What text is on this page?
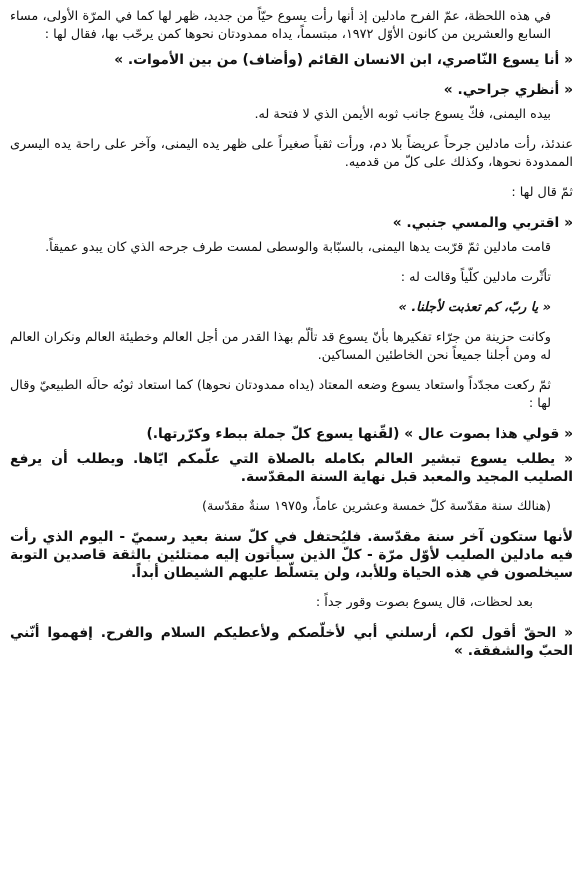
في هذه اللحظة، عمّ الفرح مادلين إذ أنها رأت يسوع حيّاً من جديد، ظهر لها كما في المرّة الأولى، مساء السابع والعشرين من كانون الأوّل ١٩٧٢، مبتسماً، يداه ممدودتان نحوها كمن يرحّب بها، فقال لها :

« أنا يسوع النّاصري، ابن الانسان القائم (وأضاف) من بين الأموات. »

« أنظري جراحي. »

بيده اليمنى، فكّ يسوع جانب ثوبه الأيمن الذي لا فتحة له.

عندئذ، رأت مادلين جرحاً عريضاً بلا دم، ورأت ثقباً صغيراً على ظهر يده اليمنى، وآخر على راحة يده اليسرى الممدودة نحوها، وكذلك على كلّ من قدميه.

ثمّ قال لها :

« اقتربي والمسي جنبي. »

قامت مادلين ثمّ قرّبت يدها اليمنى، بالسبّابة والوسطى لمست طرف جرحه الذي كان يبدو عميقاً.

تأثّرت مادلين كلّياً وقالت له :

« يا ربّ، كم تعذبت لأجلنا. »

وكانت حزينة من جرّاء تفكيرها بأنّ يسوع قد تألّم بهذا القدر من أجل العالم وخطيئة العالم ونكران العالم له ومن أجلنا جميعاً نحن الخاطئين المساكين.

ثمّ ركعت مجدّداً واستعاد يسوع وضعه المعتاد (يداه ممدودتان نحوها) كما استعاد ثوبُه حالَه الطبيعيّ وقال لها :

« قولي هذا بصوت عال » (لقّنها يسوع كلّ جملة ببطء وكرّرتها.)

« يطلب يسوع تبشير العالم بكامله بالصلاة التي علّمكم ايّاها. ويطلب أن يرفع الصليب المجيد والمعبد قبل نهاية السنة المقدّسة.

(هنالك سنة مقدّسة كلّ خمسة وعشرين عاماً، و١٩٧٥ سنةٌ مقدّسة)

لأنها ستكون آخر سنة مقدّسة. فليُحتفل في كلّ سنة بعيد رسميّ - اليوم الذي رأت فيه مادلين الصليب لأوّل مرّة - كلّ الذين سيأتون إليه ممتلئين بالثقة قاصدين التوبة سيخلصون في هذه الحياة وللأبد، ولن يتسلّط عليهم الشيطان أبداً.

بعد لحظات، قال يسوع بصوت وقور جداً :

« الحقّ أقول لكم، أرسلني أبي لأخلّصكم ولأعطيكم السلام والفرح. إفهموا أنّني الحبّ والشفقة. »
